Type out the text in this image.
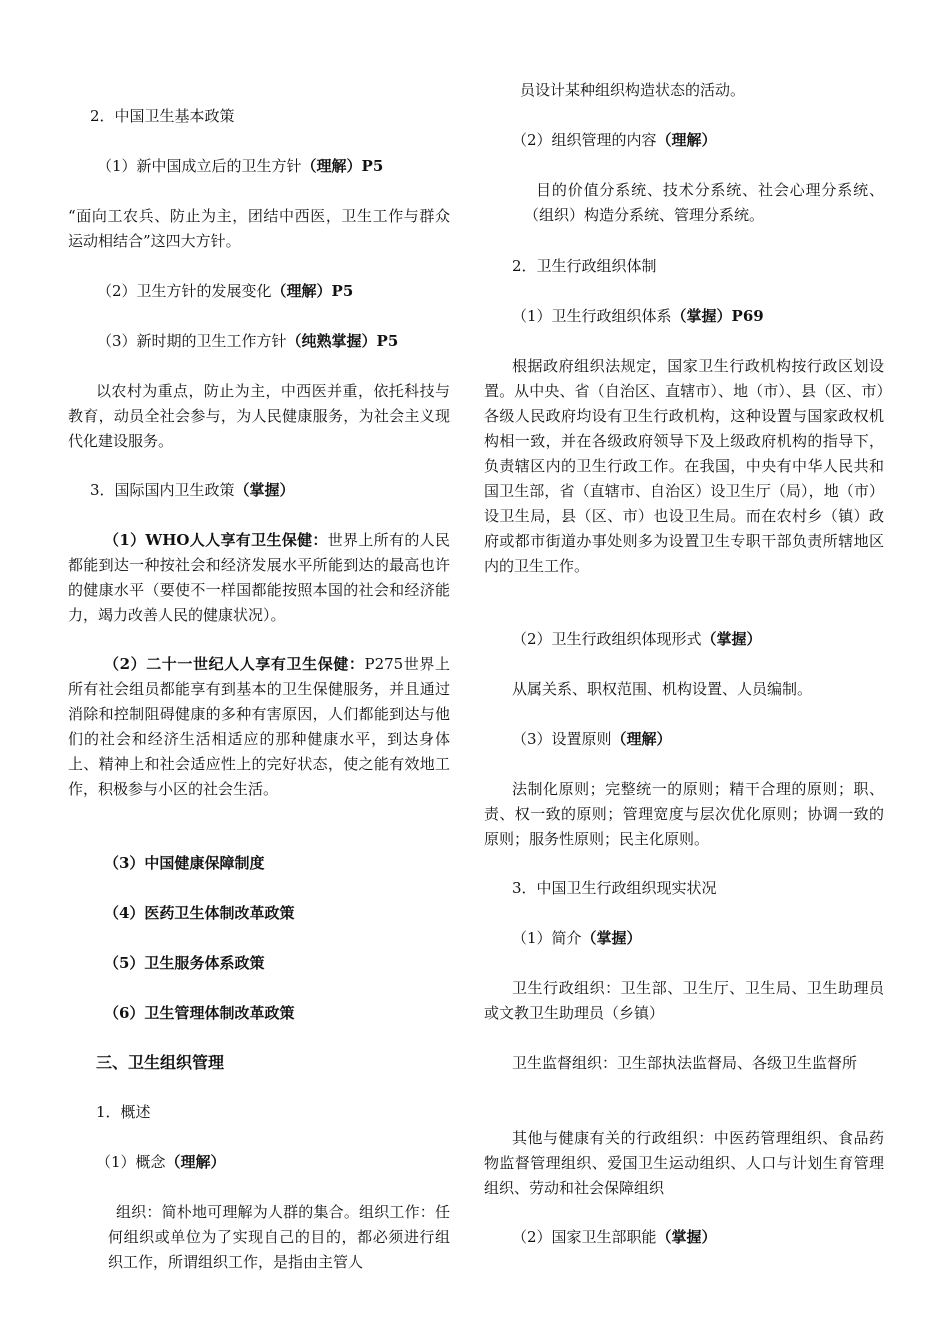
2．中国卫生基本政策

（1）新中国成立后的卫生方针（理解）P5

“面向工农兵、防止为主，团结中西医，卫生工作与群众运动相结合”这四大方针。

（2）卫生方针的发展变化（理解）P5

（3）新时期的卫生工作方针（纯熟掌握）P5

以农村为重点，防止为主，中西医并重，依托科技与教育，动员全社会参与，为人民健康服务，为社会主义现代化建设服务。

3．国际国内卫生政策（掌握）

（1）WHO人人享有卫生保健：世界上所有的人民都能到达一种按社会和经济发展水平所能到达的最高也许的健康水平（要使不一样国都能按照本国的社会和经济能力，竭力改善人民的健康状况）。

（2）二十一世纪人人享有卫生保健：P275世界上所有社会组员都能享有到基本的卫生保健服务，并且通过消除和控制阻碍健康的多种有害原因，人们都能到达与他们的社会和经济生活相适应的那种健康水平，到达身体上、精神上和社会适应性上的完好状态，使之能有效地工作，积极参与小区的社会生活。

（3）中国健康保障制度

（4）医药卫生体制改革政策

（5）卫生服务体系政策

（6）卫生管理体制改革政策

三、卫生组织管理

1．概述

（1）概念（理解）

组织：简朴地可理解为人群的集合。组织工作：任何组织或单位为了实现自己的目的，都必须进行组织工作，所谓组织工作，是指由主管人

员设计某种组织构造状态的活动。

（2）组织管理的内容（理解）

目的价值分系统、技术分系统、社会心理分系统、（组织）构造分系统、管理分系统。

2．卫生行政组织体制

（1）卫生行政组织体系（掌握）P69

根据政府组织法规定，国家卫生行政机构按行政区划设置。从中央、省（自治区、直辖市）、地（市）、县（区、市）各级人民政府均设有卫生行政机构，这种设置与国家政权机构相一致，并在各级政府领导下及上级政府机构的指导下，负责辖区内的卫生行政工作。在我国，中央有中华人民共和国卫生部，省（直辖市、自治区）设卫生厅（局），地（市）设卫生局，县（区、市）也设卫生局。而在农村乡（镇）政府或都市街道办事处则多为设置卫生专职干部负责所辖地区内的卫生工作。

（2）卫生行政组织体现形式（掌握）

从属关系、职权范围、机构设置、人员编制。

（3）设置原则（理解）

法制化原则；完整统一的原则；精干合理的原则；职、责、权一致的原则；管理宽度与层次优化原则；协调一致的原则；服务性原则；民主化原则。

3．中国卫生行政组织现实状况

（1）简介（掌握）

卫生行政组织：卫生部、卫生厅、卫生局、卫生助理员或文教卫生助理员（乡镇）

卫生监督组织：卫生部执法监督局、各级卫生监督所

其他与健康有关的行政组织：中医药管理组织、食品药物监督管理组织、爱国卫生运动组织、人口与计划生育管理组织、劳动和社会保障组织

（2）国家卫生部职能（掌握）
